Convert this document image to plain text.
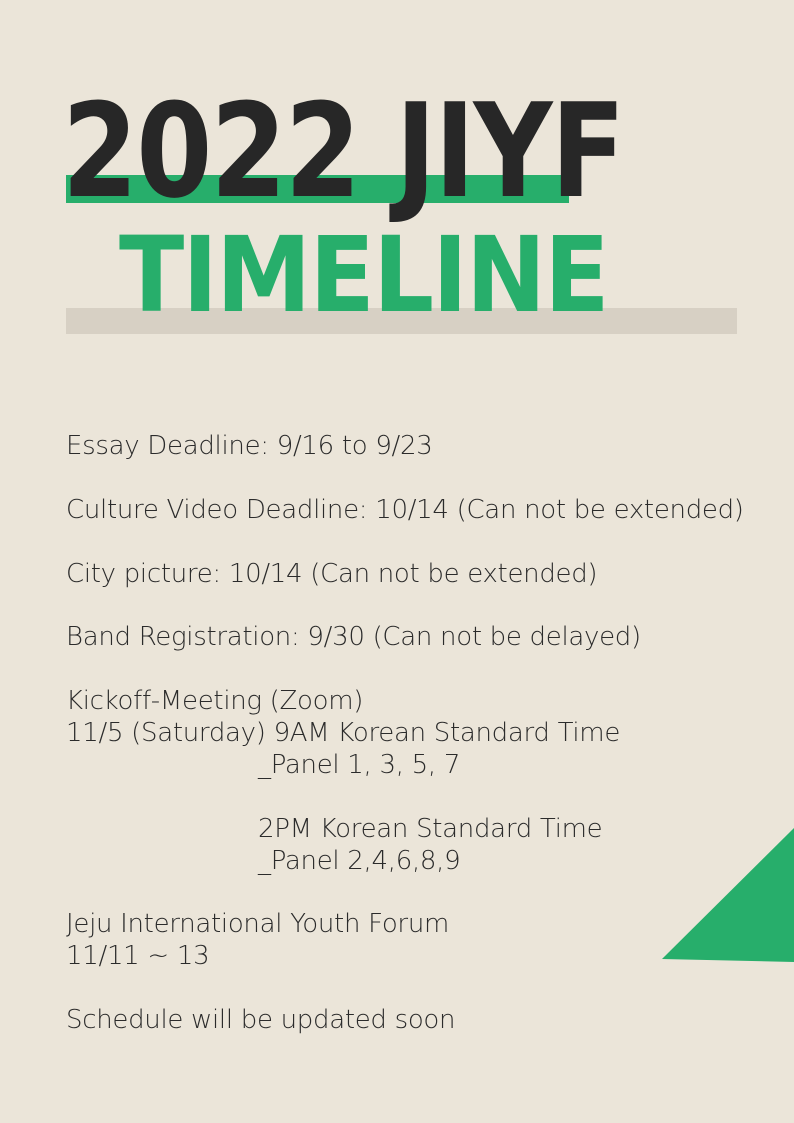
2022 JIYF
TIMELINE

Essay Deadline: 9/16 to 9/23

Culture Video Deadline: 10/14 (Can not be extended)

City picture: 10/14 (Can not be extended)

Band Registration: 9/30 (Can not be delayed)

Kickoff-Meeting (Zoom)

11/5 (Saturday) 9AM Korean Standard Time

_Panel 1, 3, 5, 7

2PM Korean Standard Time

_Panel 2,4,6,8,9

Jeju International Youth Forum

11/11 ~ 13

Schedule will be updated soon
